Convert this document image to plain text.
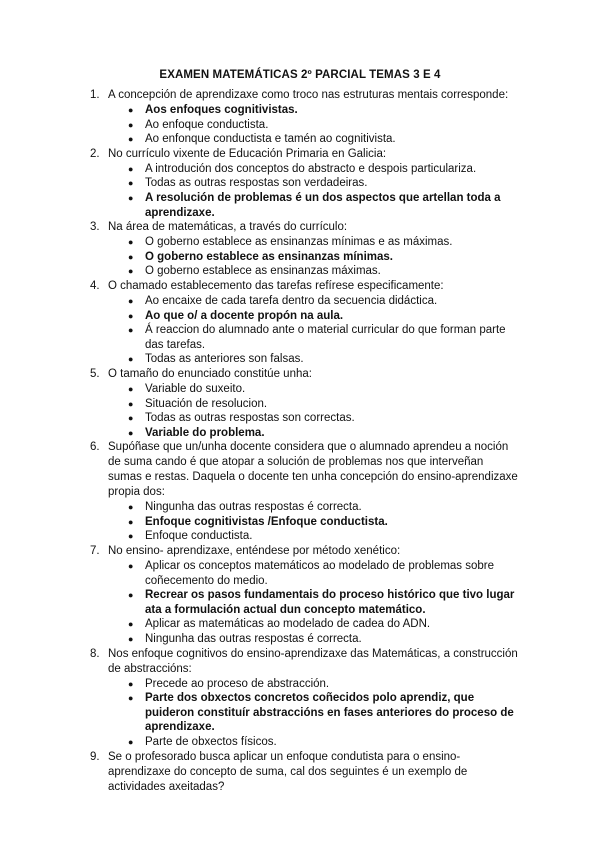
EXAMEN MATEMÁTICAS 2º PARCIAL TEMAS 3 E 4
1. A concepción de aprendizaxe como troco nas estruturas mentais corresponde:
● Aos enfoques cognitivistas.
● Ao enfoque conductista.
● Ao enfonque conductista e tamén ao cognitivista.
2. No currículo vixente de Educación Primaria en Galicia:
● A introdución dos conceptos do abstracto e despois particulariza.
● Todas as outras respostas son verdadeiras.
● A resolución de problemas é un dos aspectos que artellan toda a aprendizaxe.
3. Na área de matemáticas, a través do currículo:
● O goberno establece as ensinanzas mínimas e as máximas.
● O goberno establece as ensinanzas mínimas.
● O goberno establece as ensinanzas máximas.
4. O chamado establecemento das tarefas refírese especificamente:
● Ao encaixe de cada tarefa dentro da secuencia didáctica.
● Ao que o/ a docente propón na aula.
● Á reaccion do alumnado ante o material curricular do que forman parte das tarefas.
● Todas as anteriores son falsas.
5. O tamaño do enunciado constitúe unha:
● Variable do suxeito.
● Situación de resolucion.
● Todas as outras respostas son correctas.
● Variable do problema.
6. Supóñase que un/unha docente considera que o alumnado aprendeu a noción de suma cando é que atopar a solución de problemas nos que interveñan sumas e restas. Daquela o docente ten unha concepción do ensino-aprendizaxe propia dos:
● Ningunha das outras respostas é correcta.
● Enfoque cognitivistas /Enfoque conductista.
● Enfoque conductista.
7. No ensino- aprendizaxe, enténdese por método xenético:
● Aplicar os conceptos matemáticos ao modelado de problemas sobre coñecemento do medio.
● Recrear os pasos fundamentais do proceso histórico que tivo lugar ata a formulación actual dun concepto matemático.
● Aplicar as matemáticas ao modelado de cadea do ADN.
● Ningunha das outras respostas é correcta.
8. Nos enfoque cognitivos do ensino-aprendizaxe das Matemáticas, a construcción de abstraccións:
● Precede ao proceso de abstracción.
● Parte dos obxectos concretos coñecidos polo aprendiz, que puideron constituír abstraccións en fases anteriores do proceso de aprendizaxe.
● Parte de obxectos físicos.
9. Se o profesorado busca aplicar un enfoque condutista para o ensino-aprendizaxe do concepto de suma, cal dos seguintes é un exemplo de actividades axeitadas?
